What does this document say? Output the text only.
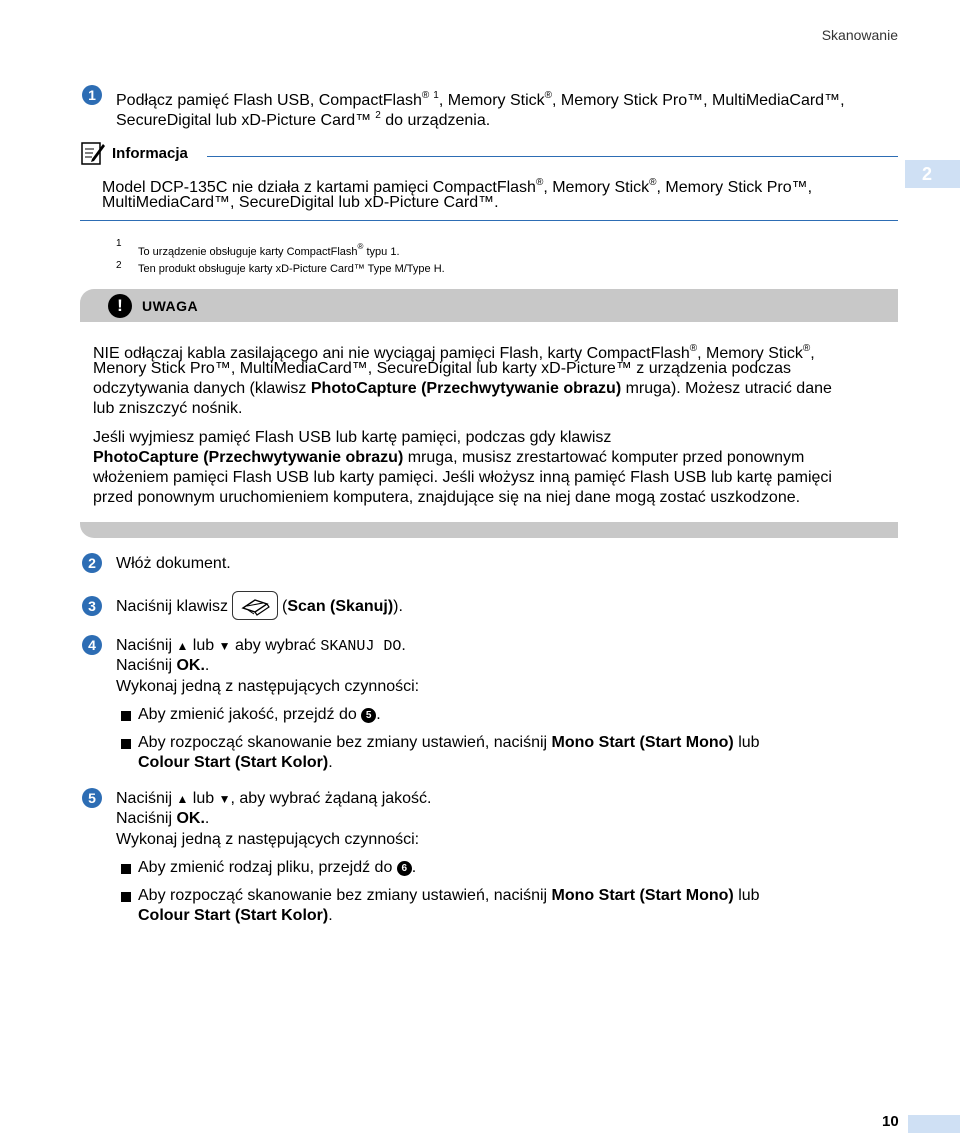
Skanowanie
2
1	Podłącz pamięć Flash USB, CompactFlash® $^1$, Memory Stick®, Memory Stick Pro™, MultiMediaCard™,
SecureDigital lub xD-Picture Card™ $^2$ do urządzenia.
Informacja
Model DCP-135C nie działa z kartami pamięci CompactFlash®, Memory Stick®, Memory Stick Pro™,
MultiMediaCard™, SecureDigital lub xD-Picture Card™.
1
To urządzenie obsługuje karty CompactFlash® typu 1.
2 Ten produkt obsługuje karty xD-Picture Card™ Type M/Type H.
!	UWAGA
NIE odłączaj kabla zasilającego ani nie wyciągaj pamięci Flash, karty CompactFlash®, Memory Stick®,
Menory Stick Pro™, MultiMediaCard™, SecureDigital lub karty xD-Picture™ z urządzenia podczas
odczytywania danych (klawisz PhotoCapture (Przechwytywanie obrazu) mruga). Możesz utracić dane
lub zniszczyć nośnik.
Jeśli wyjmiesz pamięć Flash USB lub kartę pamięci, podczas gdy klawisz
PhotoCapture (Przechwytywanie obrazu) mruga, musisz zrestartować komputer przed ponownym
włożeniem pamięci Flash USB lub karty pamięci. Jeśli włożysz inną pamięć Flash USB lub kartę pamięci
przed ponownym uruchomieniem komputera, znajdujące się na niej dane mogą zostać uszkodzone.
2	Włóż dokument.
3	Naciśnij klawisz	(Scan (Skanuj)).
4	Naciśnij ▲ lub ▼ aby wybrać SKANUJ DO.
Naciśnij OK..
Wykonaj jedną z następujących czynności:
Aby zmienić jakość, przejdź do 5 .
Aby rozpocząć skanowanie bez zmiany ustawień, naciśnij Mono Start (Start Mono) lub
Colour Start (Start Kolor).
5	Naciśnij ▲ lub ▼, aby wybrać żądaną jakość.
Naciśnij OK..
Wykonaj jedną z następujących czynności:
Aby zmienić rodzaj pliku, przejdź do 6 .
Aby rozpocząć skanowanie bez zmiany ustawień, naciśnij Mono Start (Start Mono) lub
Colour Start (Start Kolor).
10
